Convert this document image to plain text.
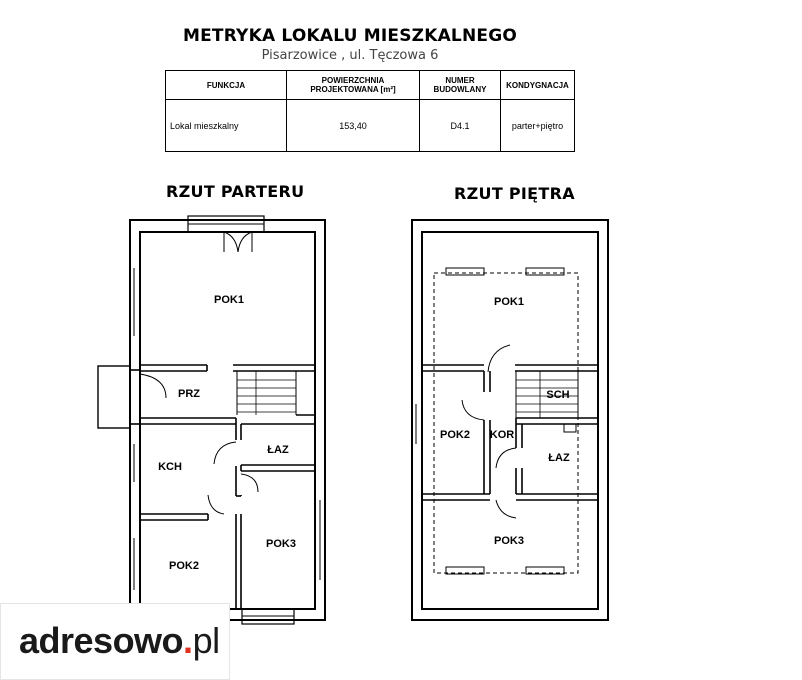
METRYKA LOKALU MIESZKALNEGO
Pisarzowice , ul. Tęczowa 6
FUNKCJA	POWIERZCHNIA PROJEKTOWANA [m²]	NUMER BUDOWLANY	KONDYGNACJA
Lokal mieszkalny	153,40	D4.1	parter+piętro
RZUT PARTERU	RZUT PIĘTRA
POK1
PRZ
ŁAZ
KCH
POK2
POK3
POK1
SCH
POK2 KOR
ŁAZ
POK3
adresowo.pl
